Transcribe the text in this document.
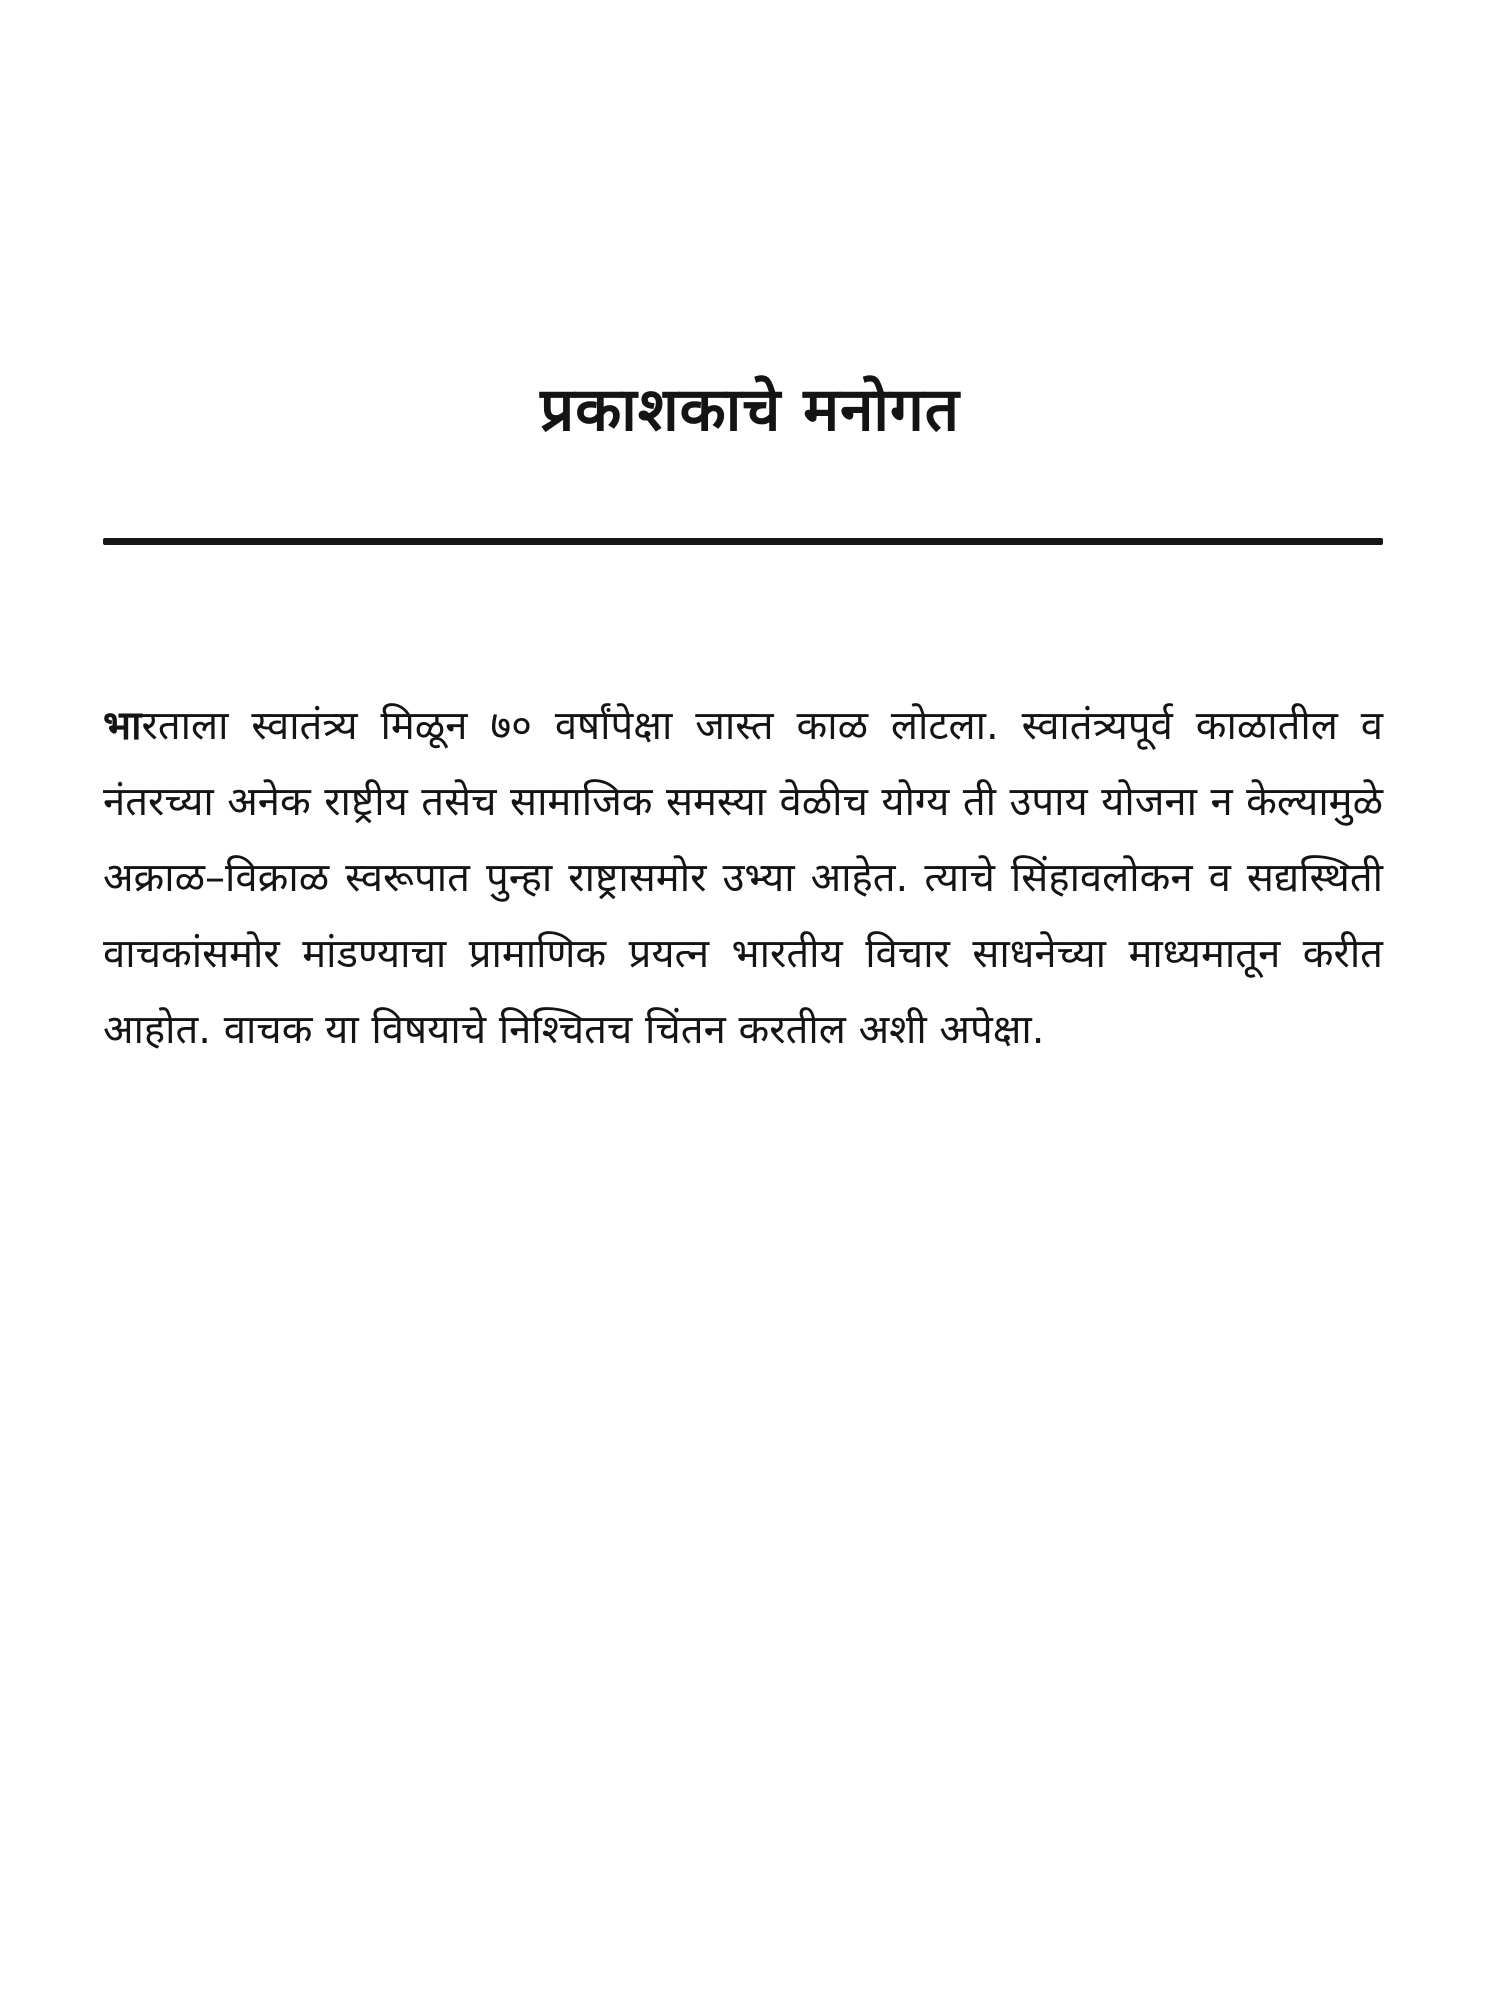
प्रकाशकाचे मनोगत

भारताला स्वातंत्र्य मिळून ७० वर्षांपेक्षा जास्त काळ लोटला. स्वातंत्र्यपूर्व काळातील व नंतरच्या अनेक राष्ट्रीय तसेच सामाजिक समस्या वेळीच योग्य ती उपाय योजना न केल्यामुळे अक्राळ–विक्राळ स्वरूपात पुन्हा राष्ट्रासमोर उभ्या आहेत. त्याचे सिंहावलोकन व सद्यस्थिती वाचकांसमोर मांडण्याचा प्रामाणिक प्रयत्न भारतीय विचार साधनेच्या माध्यमातून करीत आहोत. वाचक या विषयाचे निश्चितच चिंतन करतील अशी अपेक्षा.
